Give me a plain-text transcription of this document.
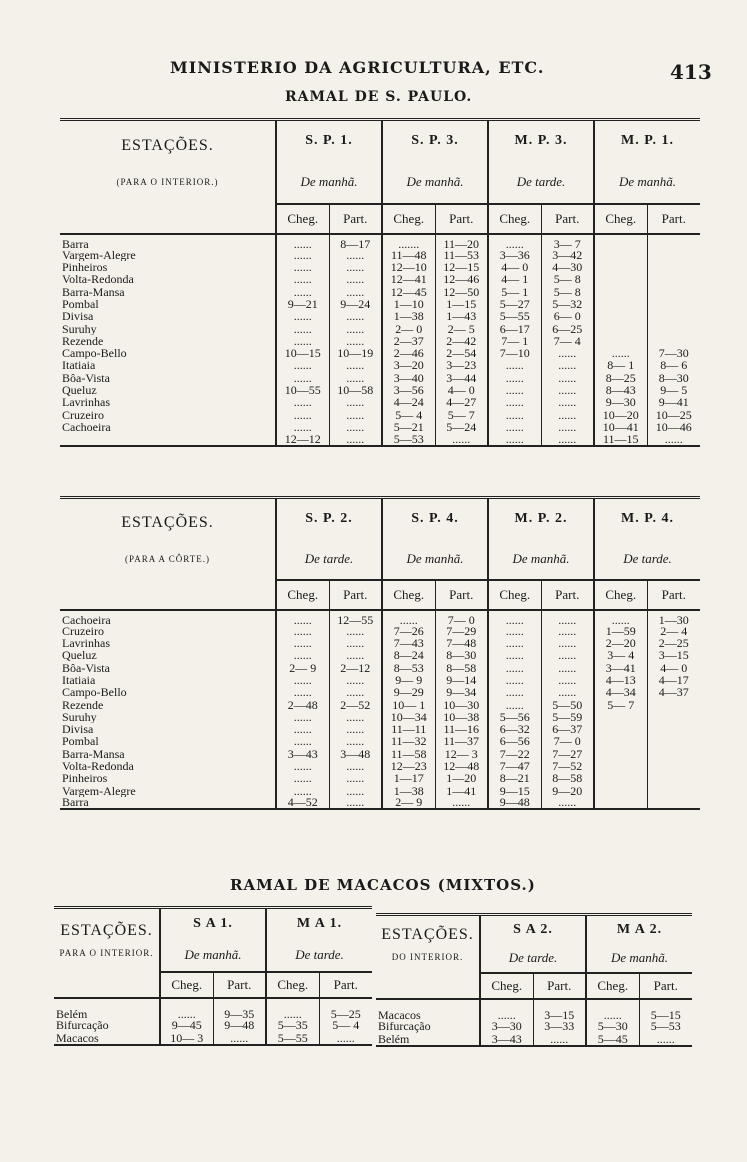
MINISTERIO DA AGRICULTURA, ETC.	413
RAMAL DE S. PAULO.
ESTAÇÕES.
(PARA O INTERIOR.)	S. P. 1.		S. P. 3.		M. P. 3.		M. P. 1.	
	De manhã.		De manhã.		De tarde.		De manhã.	
	Cheg.	Part.	Cheg.	Part.	Cheg.	Part.	Cheg.	Part.
Barra	......	8—17	.......	11—20	......	3— 7		
Vargem-Alegre	......	......	11—48	11—53	3—36	3—42		
Pinheiros	......	......	12—10	12—15	4— 0	4—30		
Volta-Redonda	......	......	12—41	12—46	4— 1	5— 8		
Barra-Mansa	......	......	12—45	12—50	5— 1	5— 8		
Pombal	9—21	9—24	1—10	1—15	5—27	5—32		
Divisa	......	......	1—38	1—43	5—55	6— 0		
Suruhy	......	......	2— 0	2— 5	6—17	6—25		
Rezende	......	......	2—37	2—42	7— 1	7— 4		
Campo-Bello	10—15	10—19	2—46	2—54	7—10	......	......	7—30
Itatiaia	......	......	3—20	3—23	......	......	8— 1	8— 6
Bôa-Vista	......	......	3—40	3—44	......	......	8—25	8—30
Queluz	10—55	10—58	3—56	4— 0	......	......	8—43	9— 5
Lavrinhas	......	......	4—24	4—27	......	......	9—30	9—41
Cruzeiro	......	......	5— 4	5— 7	......	......	10—20	10—25
Cachoeira	......	......	5—21	5—24	......	......	10—41	10—46
	12—12	......	5—53	......	......	......	11—15	......
ESTAÇÕES.
(PARA A CÔRTE.)	S. P. 2.		S. P. 4.		M. P. 2.		M. P. 4.	
	De tarde.		De manhã.		De manhã.		De tarde.	
	Cheg.	Part.	Cheg.	Part.	Cheg.	Part.	Cheg.	Part.
Cachoeira	......	12—55	......	7— 0	......	......	......	1—30
Cruzeiro	......	......	7—26	7—29	......	......	1—59	2— 4
Lavrinhas	......	......	7—43	7—48	......	......	2—20	2—25
Queluz	......	......	8—24	8—30	......	......	3— 4	3—15
Bôa-Vista	2— 9	2—12	8—53	8—58	......	......	3—41	4— 0
Itatiaia	......	......	9— 9	9—14	......	......	4—13	4—17
Campo-Bello	......	......	9—29	9—34	......	......	4—34	4—37
Rezende	2—48	2—52	10— 1	10—30	......	5—50	5— 7	
Suruhy	......	......	10—34	10—38	5—56	5—59		
Divisa	......	......	11—11	11—16	6—32	6—37		
Pombal	......	......	11—32	11—37	6—56	7— 0		
Barra-Mansa	3—43	3—48	11—58	12— 3	7—22	7—27		
Volta-Redonda	......	......	12—23	12—48	7—47	7—52		
Pinheiros	......	......	1—17	1—20	8—21	8—58		
Vargem-Alegre	......	......	1—38	1—41	9—15	9—20		
Barra	4—52	......	2— 9	......	9—48	......		
RAMAL DE MACACOS (MIXTOS.)
ESTAÇÕES.
PARA O INTERIOR.	S A 1.		M A 1.	
	De manhã.		De tarde.	
	Cheg.	Part.	Cheg.	Part.
Belém	......	9—35	......	5—25
Bifurcação	9—45	9—48	5—35	5— 4
Macacos	10— 3	......	5—55	......
ESTAÇÕES.
DO INTERIOR.	S A 2.		M A 2.	
	De tarde.		De manhã.	
	Cheg.	Part.	Cheg.	Part.
Macacos	......	3—15	......	5—15
Bifurcação	3—30	3—33	5—30	5—53
Belém	3—43	......	5—45	......
